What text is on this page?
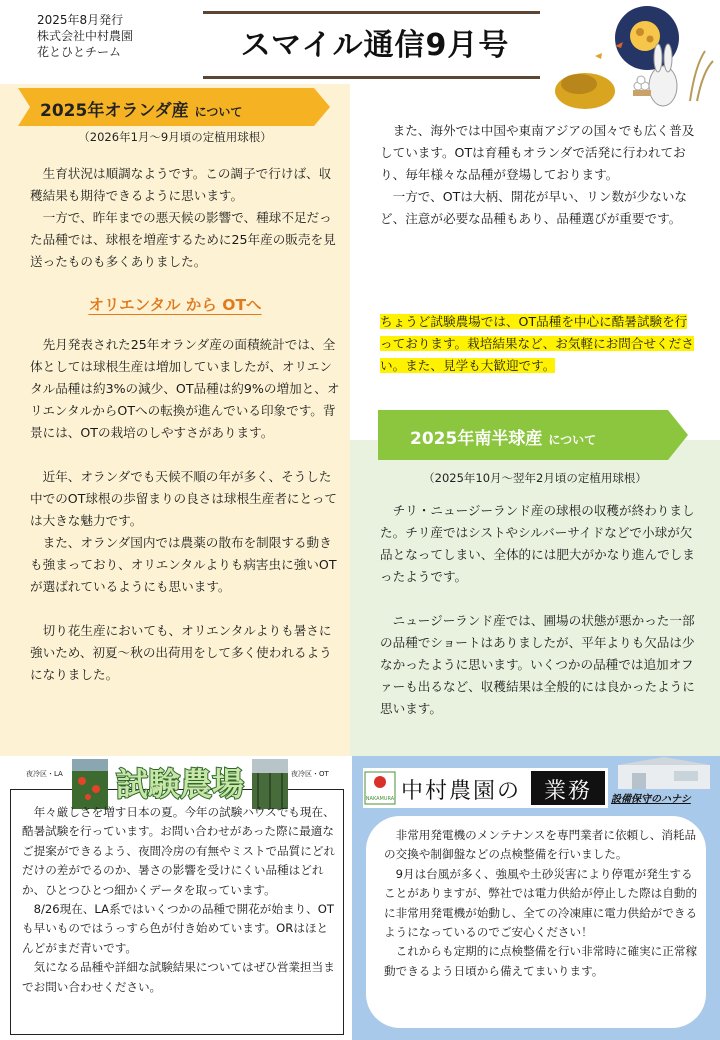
2025年8月発行
株式会社中村農園
花とひとチーム	スマイル通信9月号
2025年オランダ産 について
（2026年1月～9月頃の定植用球根）

生育状況は順調なようです。この調子で行けば、収穫結果も期待できるように思います。

一方で、昨年までの悪天候の影響で、種球不足だった品種では、球根を増産するために25年産の販売を見送ったものも多くありました。

オリエンタル から OTへ

先月発表された25年オランダ産の面積統計では、全体としては球根生産は増加していましたが、オリエンタル品種は約3%の減少、OT品種は約9%の増加と、オリエンタルからOTへの転換が進んでいる印象です。背景には、OTの栽培のしやすさがあります。

近年、オランダでも天候不順の年が多く、そうした中でのOT球根の歩留まりの良さは球根生産者にとっては大きな魅力です。

また、オランダ国内では農薬の散布を制限する動きも強まっており、オリエンタルよりも病害虫に強いOTが選ばれているようにも思います。

切り花生産においても、オリエンタルよりも暑さに強いため、初夏～秋の出荷用をして多く使われるようになりました。

また、海外では中国や東南アジアの国々でも広く普及しています。OTは育種もオランダで活発に行われており、毎年様々な品種が登場しております。

一方で、OTは大柄、開花が早い、リン数が少ないなど、注意が必要な品種もあり、品種選びが重要です。

ちょうど試験農場では、OT品種を中心に酷暑試験を行っております。栽培結果など、お気軽にお問合せください。また、見学も大歓迎です。
2025年南半球産 について
（2025年10月～翌年2月頃の定植用球根）

チリ・ニュージーランド産の球根の収穫が終わりました。チリ産ではシストやシルバーサイドなどで小球が欠品となってしまい、全体的には肥大がかなり進んでしまったようです。

ニュージーランド産では、圃場の状態が悪かった一部の品種でショートはありましたが、平年よりも欠品は少なかったように思います。いくつかの品種では追加オファーも出るなど、収穫結果は全般的には良かったように思います。

夜冷区・LA	夜冷区・OT
試験農場

年々厳しさを増す日本の夏。今年の試験ハウスでも現在、酷暑試験を行っています。お問い合わせがあった際に最適なご提案ができるよう、夜間冷房の有無やミストで品質にどれだけの差がでるのか、暑さの影響を受けにくい品種はどれか、ひとつひとつ細かくデータを取っています。

8/26現在、LA系ではいくつかの品種で開花が始まり、OTも早いものではうっすら色が付き始めています。ORはほとんどがまだ青いです。

気になる品種や詳細な試験結果についてはぜひ営業担当までお問い合わせください。

NAKAMURA 中村農園の 業務 設備保守のハナシ

非常用発電機のメンテナンスを専門業者に依頼し、消耗品の交換や制御盤などの点検整備を行いました。

9月は台風が多く、強風や土砂災害により停電が発生することがありますが、弊社では電力供給が停止した際は自動的に非常用発電機が始動し、全ての冷凍庫に電力供給ができるようになっているのでご安心ください！

これからも定期的に点検整備を行い非常時に確実に正常稼動できるよう日頃から備えてまいります。
